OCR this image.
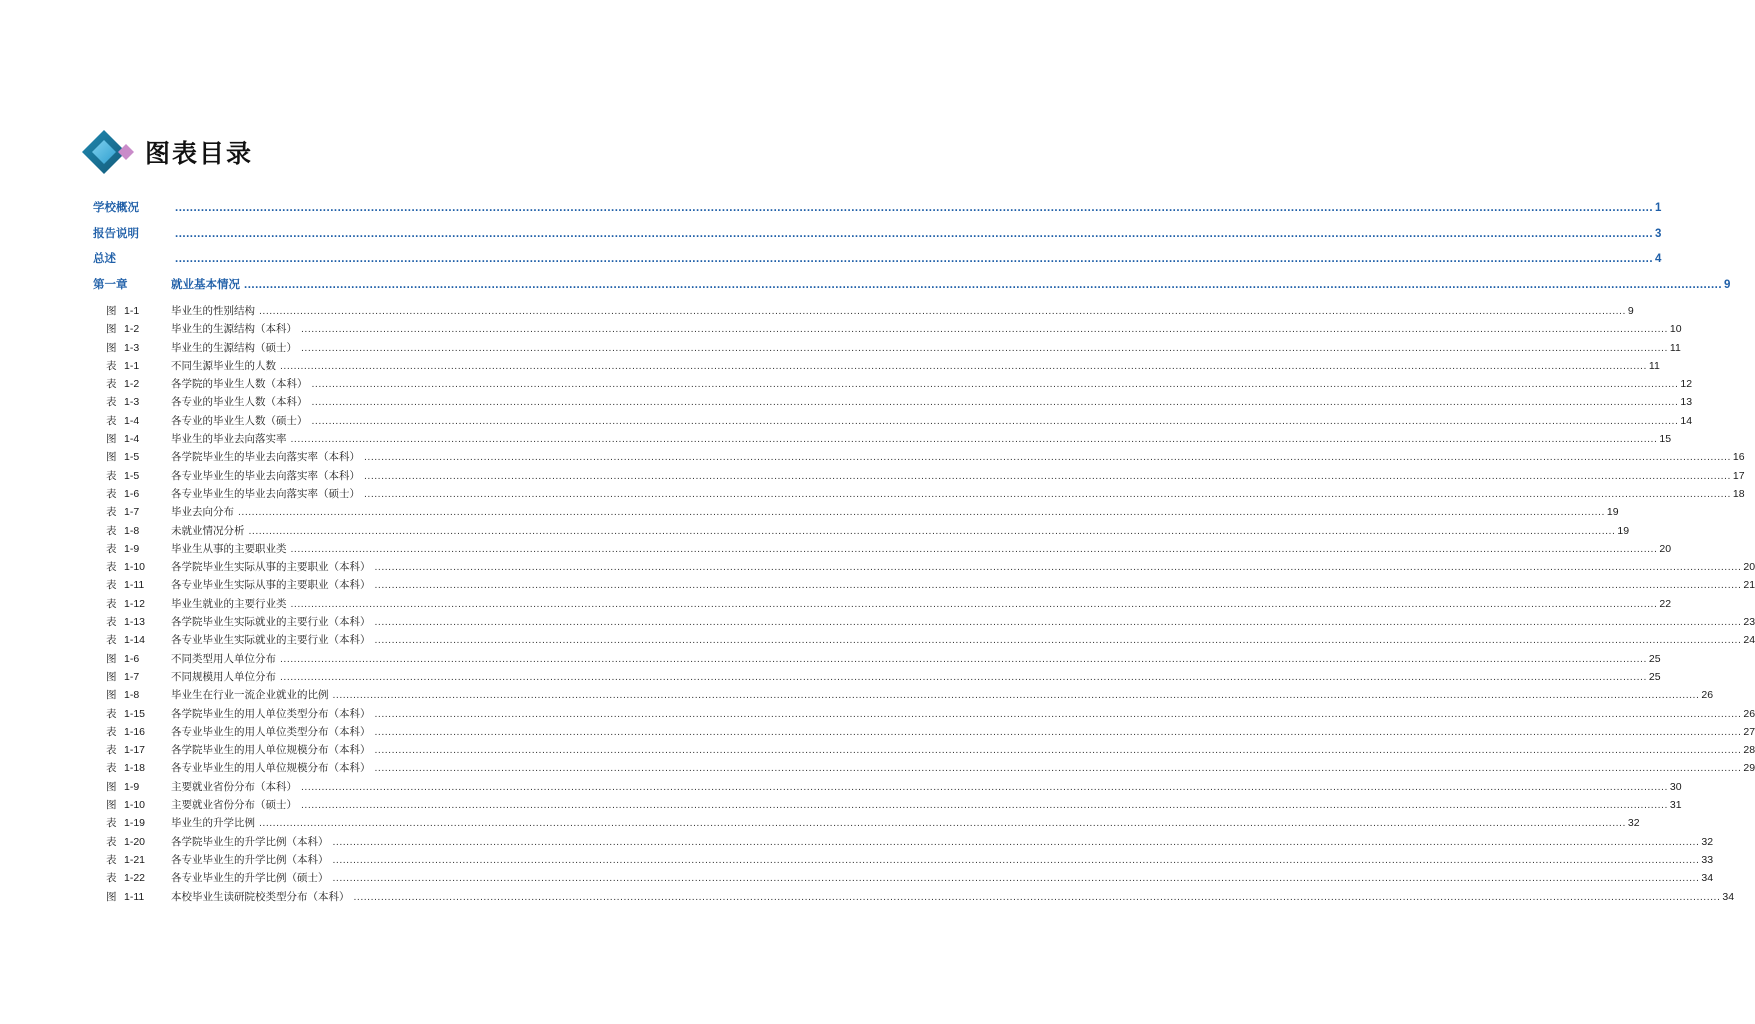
图表目录
学校概况	................................................................................................................................................................................................................................................................................................................................................................................................................ 1
报告说明	................................................................................................................................................................................................................................................................................................................................................................................................................ 3
总述	................................................................................................................................................................................................................................................................................................................................................................................................................ 4
第一章	就业基本情况 ................................................................................................................................................................................................................................................................................................................................................................................................................ 9
图 1-1	毕业生的性别结构 ................................................................................................................................................................................................................................................................................................................................................................................................................ 9
图 1-2	毕业生的生源结构（本科） ................................................................................................................................................................................................................................................................................................................................................................................................................ 10
图 1-3	毕业生的生源结构（硕士） ................................................................................................................................................................................................................................................................................................................................................................................................................ 11
表 1-1	不同生源毕业生的人数 ................................................................................................................................................................................................................................................................................................................................................................................................................ 11
表 1-2	各学院的毕业生人数（本科） ................................................................................................................................................................................................................................................................................................................................................................................................................ 12
表 1-3	各专业的毕业生人数（本科） ................................................................................................................................................................................................................................................................................................................................................................................................................ 13
表 1-4	各专业的毕业生人数（硕士） ................................................................................................................................................................................................................................................................................................................................................................................................................ 14
图 1-4	毕业生的毕业去向落实率 ................................................................................................................................................................................................................................................................................................................................................................................................................ 15
图 1-5	各学院毕业生的毕业去向落实率（本科） ................................................................................................................................................................................................................................................................................................................................................................................................................ 16
表 1-5	各专业毕业生的毕业去向落实率（本科） ................................................................................................................................................................................................................................................................................................................................................................................................................ 17
表 1-6	各专业毕业生的毕业去向落实率（硕士） ................................................................................................................................................................................................................................................................................................................................................................................................................ 18
表 1-7	毕业去向分布 ................................................................................................................................................................................................................................................................................................................................................................................................................ 19
表 1-8	未就业情况分析 ................................................................................................................................................................................................................................................................................................................................................................................................................ 19
表 1-9	毕业生从事的主要职业类 ................................................................................................................................................................................................................................................................................................................................................................................................................ 20
表 1-10	各学院毕业生实际从事的主要职业（本科） ................................................................................................................................................................................................................................................................................................................................................................................................................ 20
表 1-11	各专业毕业生实际从事的主要职业（本科） ................................................................................................................................................................................................................................................................................................................................................................................................................ 21
表 1-12	毕业生就业的主要行业类 ................................................................................................................................................................................................................................................................................................................................................................................................................ 22
表 1-13	各学院毕业生实际就业的主要行业（本科） ................................................................................................................................................................................................................................................................................................................................................................................................................ 23
表 1-14	各专业毕业生实际就业的主要行业（本科） ................................................................................................................................................................................................................................................................................................................................................................................................................ 24
图 1-6	不同类型用人单位分布 ................................................................................................................................................................................................................................................................................................................................................................................................................ 25
图 1-7	不同规模用人单位分布 ................................................................................................................................................................................................................................................................................................................................................................................................................ 25
图 1-8	毕业生在行业一流企业就业的比例 ................................................................................................................................................................................................................................................................................................................................................................................................................ 26
表 1-15	各学院毕业生的用人单位类型分布（本科） ................................................................................................................................................................................................................................................................................................................................................................................................................ 26
表 1-16	各专业毕业生的用人单位类型分布（本科） ................................................................................................................................................................................................................................................................................................................................................................................................................ 27
表 1-17	各学院毕业生的用人单位规模分布（本科） ................................................................................................................................................................................................................................................................................................................................................................................................................ 28
表 1-18	各专业毕业生的用人单位规模分布（本科） ................................................................................................................................................................................................................................................................................................................................................................................................................ 29
图 1-9	主要就业省份分布（本科） ................................................................................................................................................................................................................................................................................................................................................................................................................ 30
图 1-10	主要就业省份分布（硕士） ................................................................................................................................................................................................................................................................................................................................................................................................................ 31
表 1-19	毕业生的升学比例 ................................................................................................................................................................................................................................................................................................................................................................................................................ 32
表 1-20	各学院毕业生的升学比例（本科） ................................................................................................................................................................................................................................................................................................................................................................................................................ 32
表 1-21	各专业毕业生的升学比例（本科） ................................................................................................................................................................................................................................................................................................................................................................................................................ 33
表 1-22	各专业毕业生的升学比例（硕士） ................................................................................................................................................................................................................................................................................................................................................................................................................ 34
图 1-11	本校毕业生读研院校类型分布（本科） ................................................................................................................................................................................................................................................................................................................................................................................................................ 34
